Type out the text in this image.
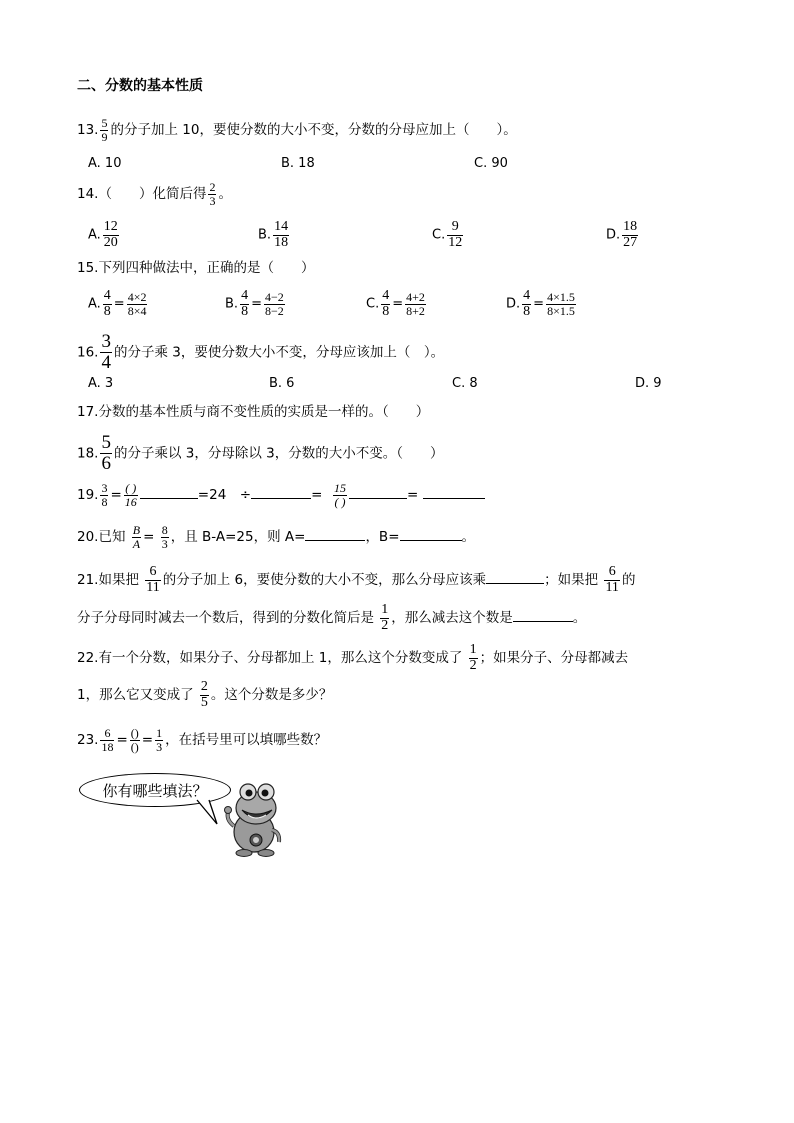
二、分数的基本性质
13. $\frac{5}{9}$ 的分子加上 10，要使分数的大小不变，分数的分母应加上（　　）。
A. 10	B. 18	C. 90
14.（　　）化简后得 $\frac{2}{3}$ 。
A. $\frac{12}{20}$	B. $\frac{14}{18}$	C. $\frac{9}{12}$	D. $\frac{18}{27}$
15.下列四种做法中，正确的是（　　）
A. $\frac{4}{8} = \frac{4\times 2}{8\times 4}$	B. $\frac{4}{8} = \frac{4-2}{8-2}$	C. $\frac{4}{8} = \frac{4+2}{8+2}$	D. $\frac{4}{8} = \frac{4\times 1.5}{8\times 1.5}$
16. $\frac{3}{4}$ 的分子乘 3，要使分数大小不变，分母应该加上（　）。
A. 3	B. 6	C. 8	D. 9
17.分数的基本性质与商不变性质的实质是一样的。（　　）
18. $\frac{5}{6}$ 的分子乘以 3，分母除以 3，分数的大小不变。（　　）
19. $\frac{3}{8} = \frac{( )}{16}$	=24　÷	= $\frac{15}{( )}$	=
20.已知 $\frac{B}{A} = \frac{8}{3}$ ，且 B-A=25，则 A=	，B=	。
21.如果把 $\frac{6}{11}$ 的分子加上 6，要使分数的大小不变，那么分母应该乘	；如果把 $\frac{6}{11}$ 的
分子分母同时减去一个数后，得到的分数化简后是 $\frac{1}{2}$ ，那么减去这个数是	。
22.有一个分数，如果分子、分母都加上 1，那么这个分数变成了 $\frac{1}{2}$ ；如果分子、分母都减去
1，那么它又变成了 $\frac{2}{5}$ 。这个分数是多少？
23. $\frac{6}{18} = \frac{()}{()} = \frac{1}{3}$ ，在括号里可以填哪些数？
你有哪些填法？
